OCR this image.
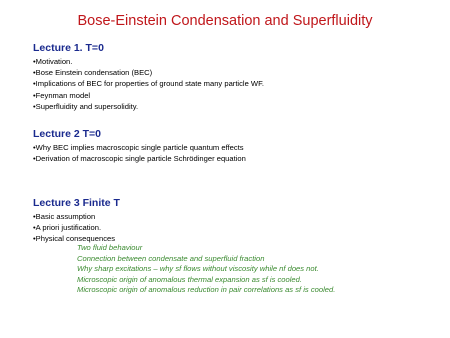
Bose-Einstein Condensation and Superfluidity
Lecture 1. T=0
• Motivation.
• Bose Einstein condensation (BEC)
• Implications of BEC for properties of ground state many particle WF.
• Feynman model
• Superfluidity and supersolidity.
Lecture 2 T=0
• Why BEC implies macroscopic single particle quantum effects
• Derivation of macroscopic single particle Schrödinger equation
Lecture 3 Finite T
• Basic assumption
• A priori justification.
• Physical consequences
Two fluid behaviour
Connection between condensate and superfluid fraction
Why sharp excitations – why sf flows without viscosity while nf does not.
Microscopic origin of anomalous thermal expansion as sf is cooled.
Microscopic origin of anomalous reduction in pair correlations as sf is cooled.
